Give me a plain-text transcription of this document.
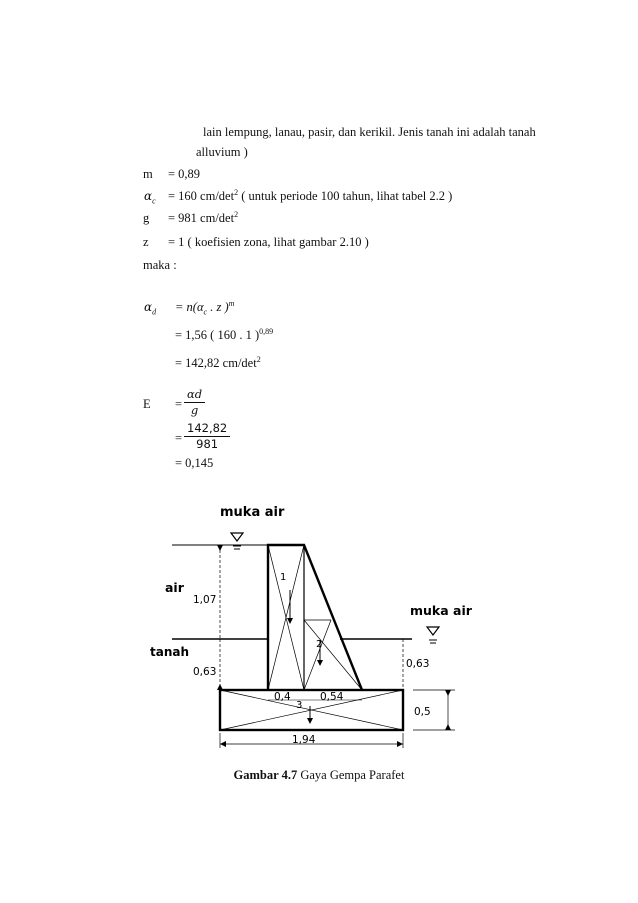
lain lempung, lanau, pasir, dan kerikil. Jenis tanah ini adalah tanah
alluvium )
m = 0,89
$\alpha_c = 160$ $cm/\det^2$ ( untuk periode 100 tahun, lihat tabel 2.2 )
g = 981 $cm/\det^2$
z = 1 ( koefisien zona, lihat gambar 2.10 )
maka :
$\alpha_d = n(\alpha_c$ . z )$^m$
= 1,56 ( 160 . 1 )$^{0,89}$
= 142,82 $cm/\det^2$
$E = \frac{\alpha d}{g}$
= $\frac{142,82}{981}$
= 0,145
muka air
muka air
air
tanah
1,07
0,63
0,63
0,5
0,4	0,54
1,94
1
2
3
Gambar 4.7 Gaya Gempa Parafet
